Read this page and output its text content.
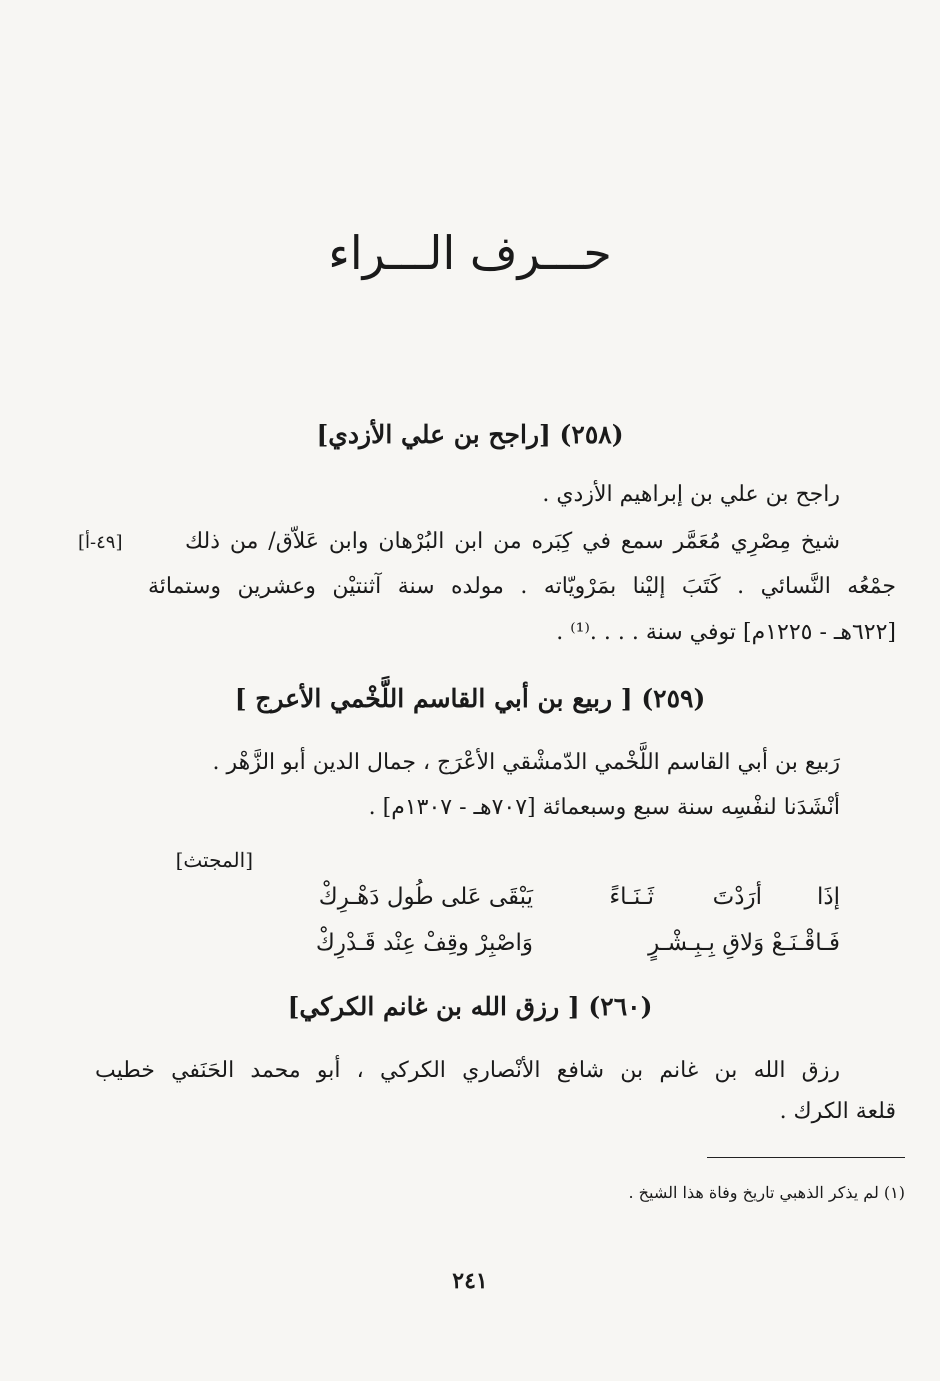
حـــرف الـــراء
(٢٥٨) [راجح بن علي الأزدي]
راجح بن علي بن إبراهيم الأزدي .
شيخ مِصْرِي مُعَمَّر سمع في كِبَره من ابن البُرْهان وابن عَلاّق/ من ذلك
[٤٩-أ]
جمْعُه النَّسائي . كَتَبَ إليْنا بمَرْويّاته . مولده سنة آثنتيْن وعشرين وستمائة
[٦٢٢هـ - ١٢٢٥م] توفي سنة . . . .⁽¹⁾ .
(٢٥٩) [ ربيع بن أبي القاسم اللَّخْمي الأعرج ]
رَبيع بن أبي القاسم اللَّخْمي الدّمشْقي الأعْرَج ، جمال الدين أبو الزَّهْر .
أنْشَدَنا لنفْسِه سنة سبع وسبعمائة [٧٠٧هـ - ١٣٠٧م] .
[المجتث]
إذَا
أرَدْتَ
ثَـنَـاءً
يَبْقَى عَلى طُول دَهْـرِكْ
فَـاقْـنَـعْ وَلاقِ بِـبِـشْـرٍ
وَاصْبِرْ وقِفْ عِنْد قَـدْرِكْ
(٢٦٠) [ رزق الله بن غانم الكركي]
رزق الله بن غانم بن شافع الأنْصاري الكركي ، أبو محمد الحَنَفي خطيب
قلعة الكرك .
(١) لم يذكر الذهبي تاريخ وفاة هذا الشيخ .
٢٤١
